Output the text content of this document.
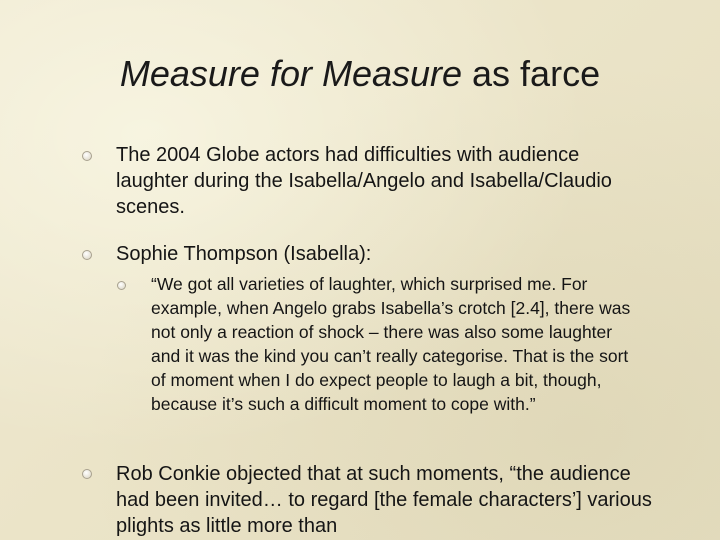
Measure for Measure as farce
The 2004 Globe actors had difficulties with audience laughter during the Isabella/Angelo and Isabella/Claudio scenes.
Sophie Thompson (Isabella):
“We got all varieties of laughter, which surprised me. For example, when Angelo grabs Isabella’s crotch [2.4], there was not only a reaction of shock – there was also some laughter and it was the kind you can’t really categorise. That is the sort of moment when I do expect people to laugh a bit, though, because it’s such a difficult moment to cope with.”
Rob Conkie objected that at such moments, “the audience had been invited… to regard [the female characters’] various plights as little more than
